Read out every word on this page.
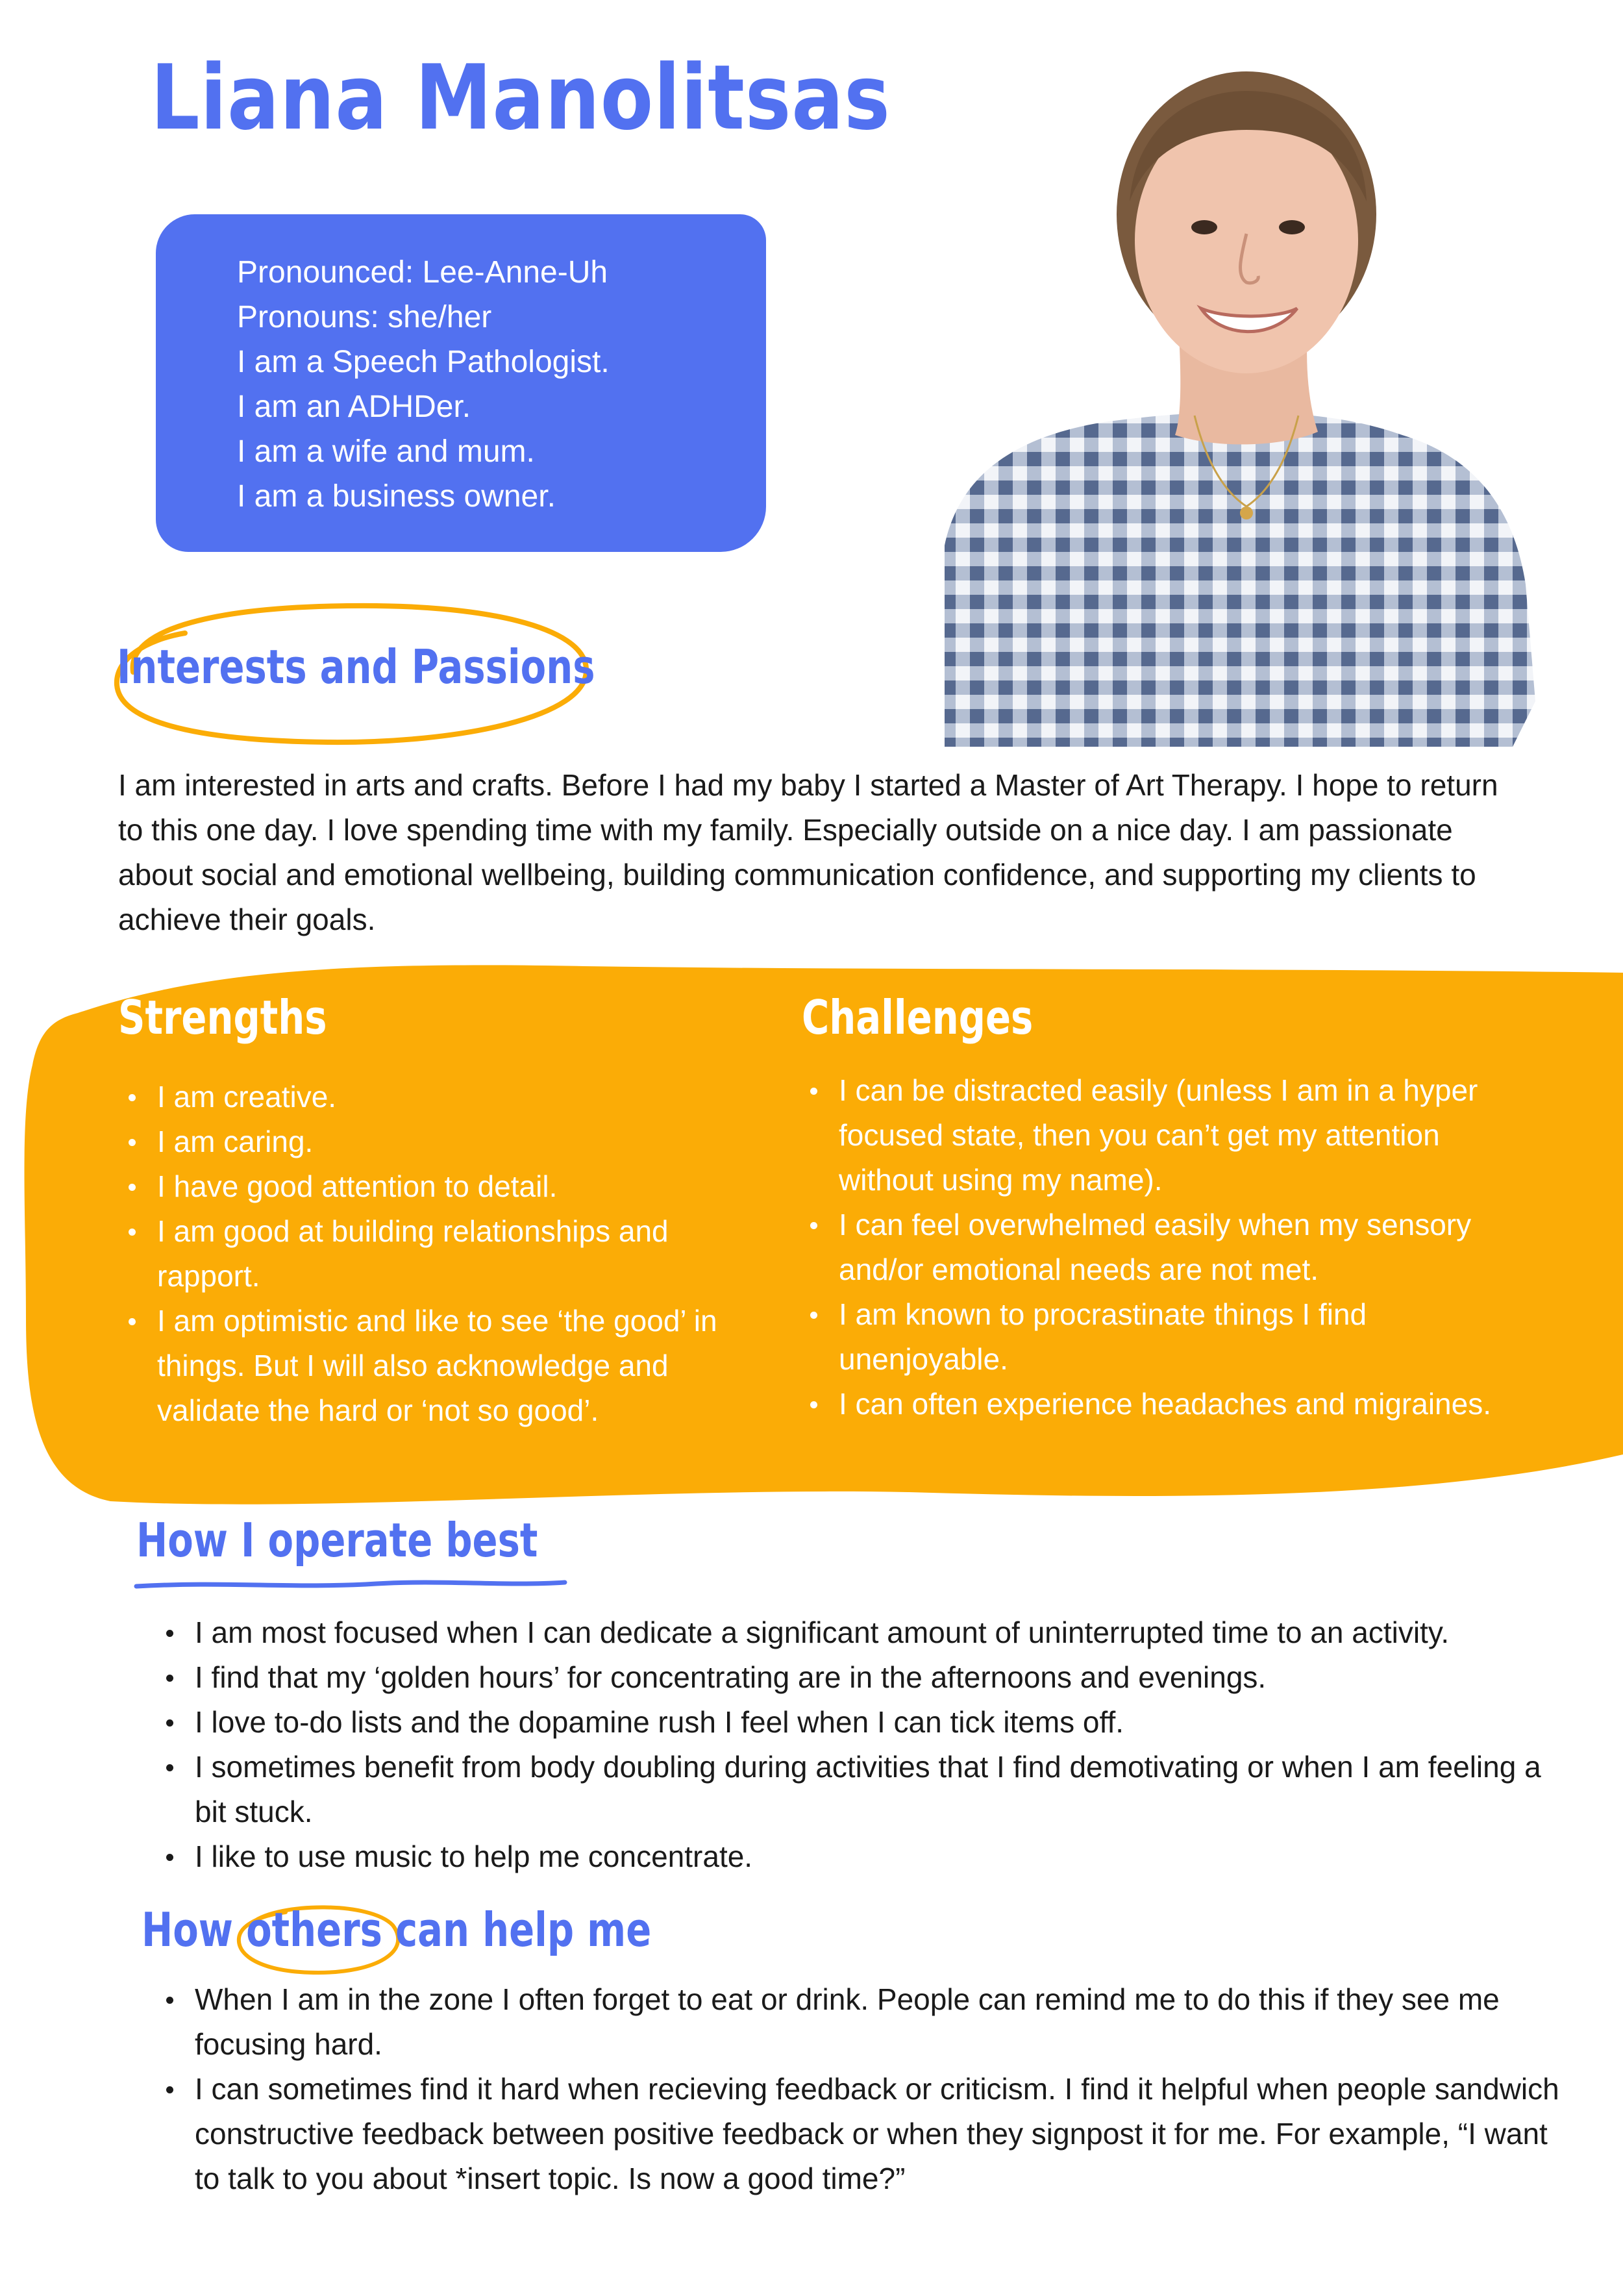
Liana Manolitsas
Pronounced: Lee-Anne-Uh
Pronouns: she/her
I am a Speech Pathologist.
I am an ADHDer.
I am a wife and mum.
I am a business owner.
Interests and Passions

I am interested in arts and crafts. Before I had my baby I started a Master of Art Therapy. I hope to return to this one day. I love spending time with my family. Especially outside on a nice day. I am passionate about social and emotional wellbeing, building communication confidence, and supporting my clients to achieve their goals.

Strengths
I am creative.
I am caring.
I have good attention to detail.
I am good at building relationships and rapport.
I am optimistic and like to see ‘the good’ in things. But I will also acknowledge and validate the hard or ‘not so good’.
Challenges
I can be distracted easily (unless I am in a hyper focused state, then you can’t get my attention without using my name).
I can feel overwhelmed easily when my sensory and/or emotional needs are not met.
I am known to procrastinate things I find unenjoyable.
I can often experience headaches and migraines.
How I operate best
I am most focused when I can dedicate a significant amount of uninterrupted time to an activity.
I find that my ‘golden hours’ for concentrating are in the afternoons and evenings.
I love to-do lists and the dopamine rush I feel when I can tick items off.
I sometimes benefit from body doubling during activities that I find demotivating or when I am feeling a bit stuck.
I like to use music to help me concentrate.
How others can help me
When I am in the zone I often forget to eat or drink. People can remind me to do this if they see me focusing hard.
I can sometimes find it hard when recieving feedback or criticism. I find it helpful when people sandwich constructive feedback between positive feedback or when they signpost it for me. For example, “I want to talk to you about *insert topic. Is now a good time?”
